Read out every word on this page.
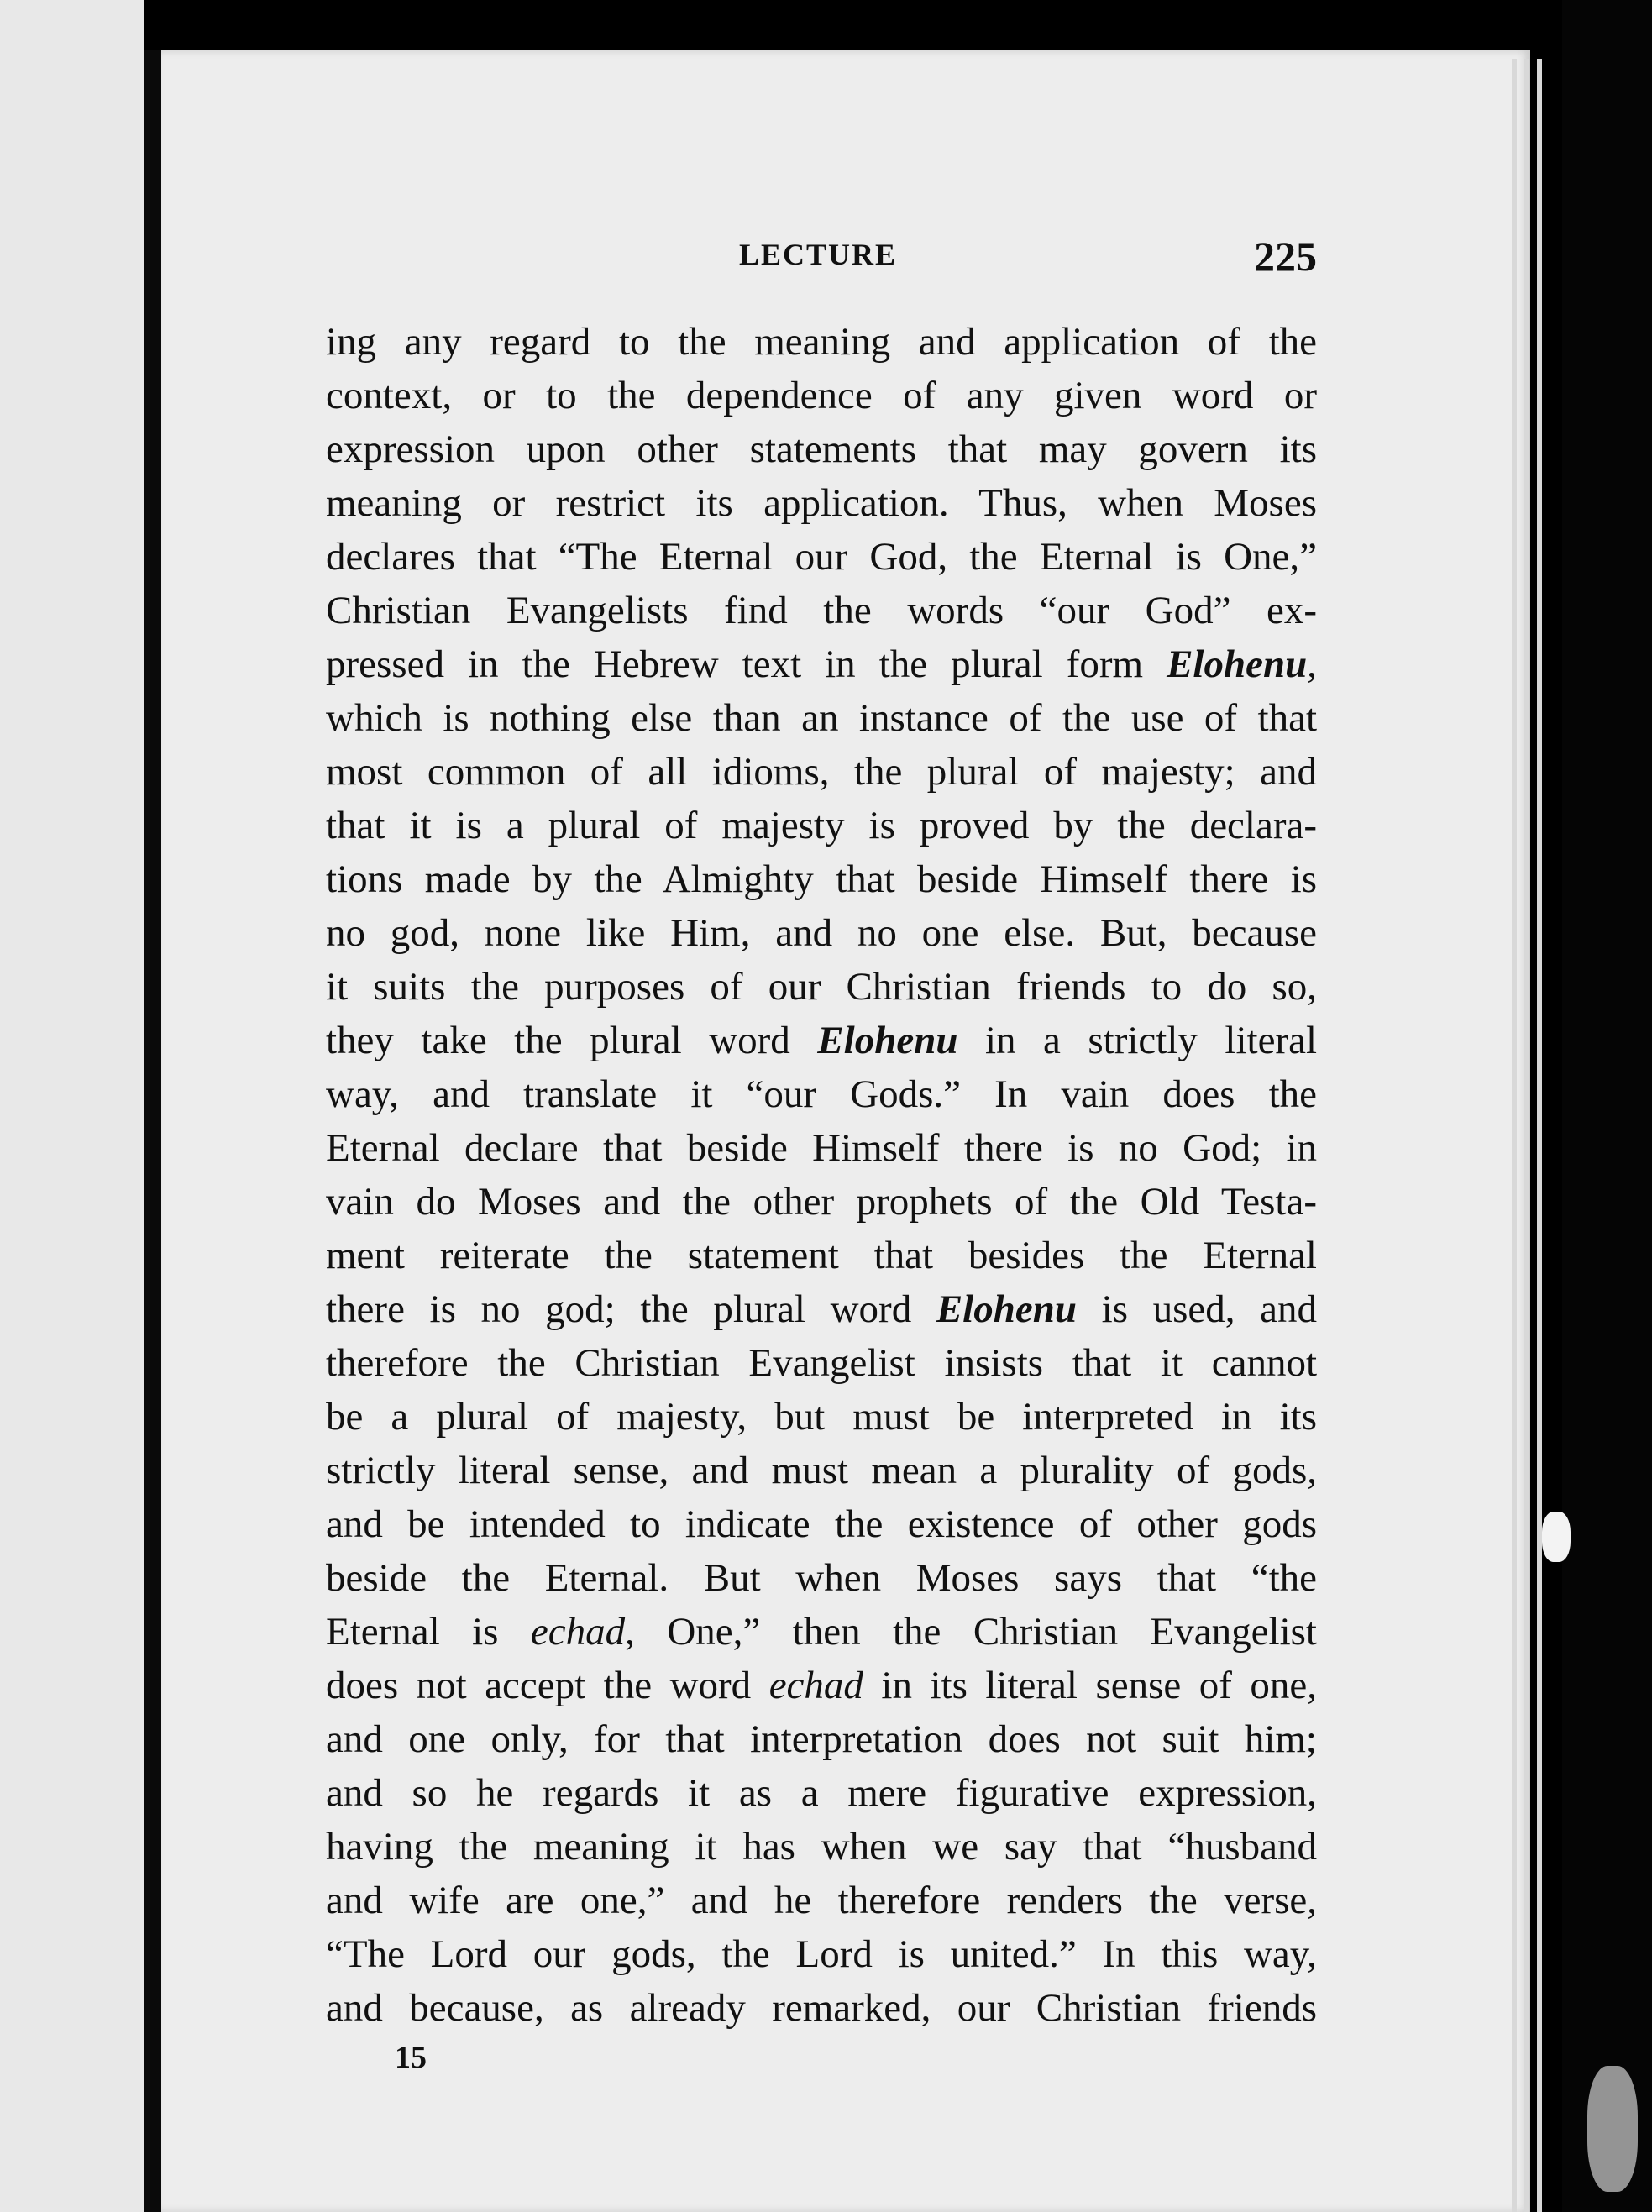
LECTURE	225
ing any regard to the meaning and application of the
context, or to the dependence of any given word or
expression upon other statements that may govern its
meaning or restrict its application. Thus, when Moses
declares that “The Eternal our God, the Eternal is One,”
Christian Evangelists find the words “our God” ex-
pressed in the Hebrew text in the plural form Elohenu,
which is nothing else than an instance of the use of that
most common of all idioms, the plural of majesty; and
that it is a plural of majesty is proved by the declara-
tions made by the Almighty that beside Himself there is
no god, none like Him, and no one else. But, because
it suits the purposes of our Christian friends to do so,
they take the plural word Elohenu in a strictly literal
way, and translate it “our Gods.” In vain does the
Eternal declare that beside Himself there is no God; in
vain do Moses and the other prophets of the Old Testa-
ment reiterate the statement that besides the Eternal
there is no god; the plural word Elohenu is used, and
therefore the Christian Evangelist insists that it cannot
be a plural of majesty, but must be interpreted in its
strictly literal sense, and must mean a plurality of gods,
and be intended to indicate the existence of other gods
beside the Eternal. But when Moses says that “the
Eternal is echad, One,” then the Christian Evangelist
does not accept the word echad in its literal sense of one,
and one only, for that interpretation does not suit him;
and so he regards it as a mere figurative expression,
having the meaning it has when we say that “husband
and wife are one,” and he therefore renders the verse,
“The Lord our gods, the Lord is united.” In this way,
and because, as already remarked, our Christian friends
15
